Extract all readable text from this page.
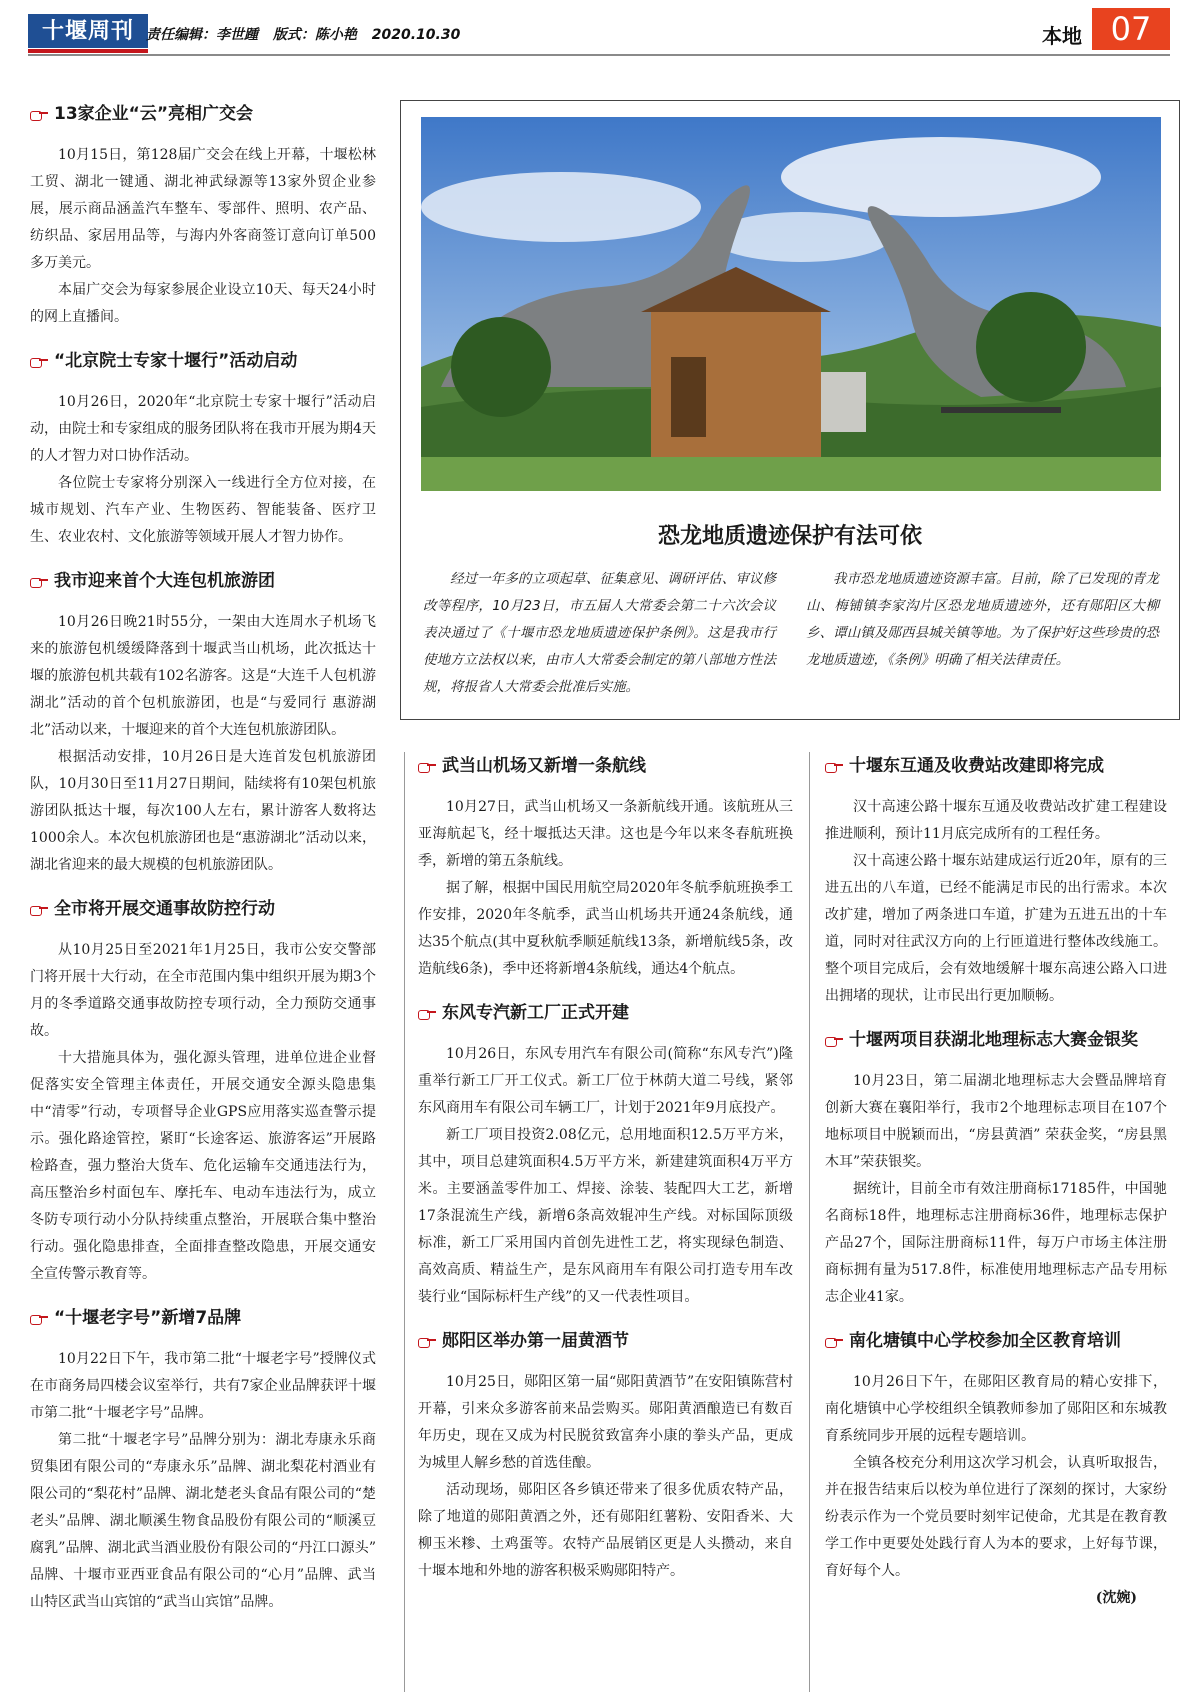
十堰周刊 责任编辑：李世踵 版式：陈小艳 2020.10.30	本地 07
13家企业“云”亮相广交会

10月15日，第128届广交会在线上开幕，十堰松林工贸、湖北一键通、湖北神武绿源等13家外贸企业参展，展示商品涵盖汽车整车、零部件、照明、农产品、纺织品、家居用品等，与海内外客商签订意向订单500多万美元。

本届广交会为每家参展企业设立10天、每天24小时的网上直播间。

“北京院士专家十堰行”活动启动

10月26日，2020年“北京院士专家十堰行”活动启动，由院士和专家组成的服务团队将在我市开展为期4天的人才智力对口协作活动。

各位院士专家将分别深入一线进行全方位对接，在城市规划、汽车产业、生物医药、智能装备、医疗卫生、农业农村、文化旅游等领域开展人才智力协作。

我市迎来首个大连包机旅游团

10月26日晚21时55分，一架由大连周水子机场飞来的旅游包机缓缓降落到十堰武当山机场，此次抵达十堰的旅游包机共载有102名游客。这是“大连千人包机游湖北”活动的首个包机旅游团，也是“与爱同行 惠游湖北”活动以来，十堰迎来的首个大连包机旅游团队。

根据活动安排，10月26日是大连首发包机旅游团队，10月30日至11月27日期间，陆续将有10架包机旅游团队抵达十堰，每次100人左右，累计游客人数将达1000余人。本次包机旅游团也是“惠游湖北”活动以来，湖北省迎来的最大规模的包机旅游团队。

全市将开展交通事故防控行动

从10月25日至2021年1月25日，我市公安交警部门将开展十大行动，在全市范围内集中组织开展为期3个月的冬季道路交通事故防控专项行动，全力预防交通事故。

十大措施具体为，强化源头管理，进单位进企业督促落实安全管理主体责任，开展交通安全源头隐患集中“清零”行动，专项督导企业GPS应用落实巡查警示提示。强化路途管控，紧盯“长途客运、旅游客运”开展路检路查，强力整治大货车、危化运输车交通违法行为，高压整治乡村面包车、摩托车、电动车违法行为，成立冬防专项行动小分队持续重点整治，开展联合集中整治行动。强化隐患排查，全面排查整改隐患，开展交通安全宣传警示教育等。

“十堰老字号”新增7品牌

10月22日下午，我市第二批“十堰老字号”授牌仪式在市商务局四楼会议室举行，共有7家企业品牌获评十堰市第二批“十堰老字号”品牌。

第二批“十堰老字号”品牌分别为：湖北寿康永乐商贸集团有限公司的“寿康永乐”品牌、湖北梨花村酒业有限公司的“梨花村”品牌、湖北楚老头食品有限公司的“楚老头”品牌、湖北顺溪生物食品股份有限公司的“顺溪豆腐乳”品牌、湖北武当酒业股份有限公司的“丹江口源头” 品牌、十堰市亚西亚食品有限公司的“心月”品牌、武当山特区武当山宾馆的“武当山宾馆”品牌。

恐龙地质遗迹保护有法可依

经过一年多的立项起草、征集意见、调研评估、审议修改等程序，10月23日，市五届人大常委会第二十六次会议表决通过了《十堰市恐龙地质遗迹保护条例》。这是我市行使地方立法权以来，由市人大常委会制定的第八部地方性法规，将报省人大常委会批准后实施。

我市恐龙地质遗迹资源丰富。目前，除了已发现的青龙山、梅铺镇李家沟片区恐龙地质遗迹外，还有郧阳区大柳乡、谭山镇及郧西县城关镇等地。为了保护好这些珍贵的恐龙地质遗迹，《条例》明确了相关法律责任。

武当山机场又新增一条航线

10月27日，武当山机场又一条新航线开通。该航班从三亚海航起飞，经十堰抵达天津。这也是今年以来冬春航班换季，新增的第五条航线。

据了解，根据中国民用航空局2020年冬航季航班换季工作安排，2020年冬航季，武当山机场共开通24条航线，通达35个航点(其中夏秋航季顺延航线13条，新增航线5条，改造航线6条)，季中还将新增4条航线，通达4个航点。

东风专汽新工厂正式开建

10月26日，东风专用汽车有限公司(简称“东风专汽”)隆重举行新工厂开工仪式。新工厂位于林荫大道二号线，紧邻东风商用车有限公司车辆工厂，计划于2021年9月底投产。

新工厂项目投资2.08亿元，总用地面积12.5万平方米，其中，项目总建筑面积4.5万平方米，新建建筑面积4万平方米。主要涵盖零件加工、焊接、涂装、装配四大工艺，新增17条混流生产线，新增6条高效辊冲生产线。对标国际顶级标准，新工厂采用国内首创先进性工艺，将实现绿色制造、高效高质、精益生产，是东风商用车有限公司打造专用车改装行业“国际标杆生产线”的又一代表性项目。

郧阳区举办第一届黄酒节

10月25日，郧阳区第一届“郧阳黄酒节”在安阳镇陈营村开幕，引来众多游客前来品尝购买。郧阳黄酒酿造已有数百年历史，现在又成为村民脱贫致富奔小康的拳头产品，更成为城里人解乡愁的首选佳酿。

活动现场，郧阳区各乡镇还带来了很多优质农特产品，除了地道的郧阳黄酒之外，还有郧阳红薯粉、安阳香米、大柳玉米糁、土鸡蛋等。农特产品展销区更是人头攒动，来自十堰本地和外地的游客积极采购郧阳特产。

十堰东互通及收费站改建即将完成

汉十高速公路十堰东互通及收费站改扩建工程建设推进顺利，预计11月底完成所有的工程任务。

汉十高速公路十堰东站建成运行近20年，原有的三进五出的八车道，已经不能满足市民的出行需求。本次改扩建，增加了两条进口车道，扩建为五进五出的十车道，同时对往武汉方向的上行匝道进行整体改线施工。整个项目完成后，会有效地缓解十堰东高速公路入口进出拥堵的现状，让市民出行更加顺畅。

十堰两项目获湖北地理标志大赛金银奖

10月23日，第二届湖北地理标志大会暨品牌培育创新大赛在襄阳举行，我市2个地理标志项目在107个地标项目中脱颖而出，“房县黄酒” 荣获金奖，“房县黑木耳”荣获银奖。

据统计，目前全市有效注册商标17185件，中国驰名商标18件，地理标志注册商标36件，地理标志保护产品27个，国际注册商标11件，每万户市场主体注册商标拥有量为517.8件，标准使用地理标志产品专用标志企业41家。

南化塘镇中心学校参加全区教育培训

10月26日下午，在郧阳区教育局的精心安排下，南化塘镇中心学校组织全镇教师参加了郧阳区和东城教育系统同步开展的远程专题培训。

全镇各校充分利用这次学习机会，认真听取报告，并在报告结束后以校为单位进行了深刻的探讨，大家纷纷表示作为一个党员要时刻牢记使命，尤其是在教育教学工作中更要处处践行育人为本的要求，上好每节课，育好每个人。

(沈婉)
